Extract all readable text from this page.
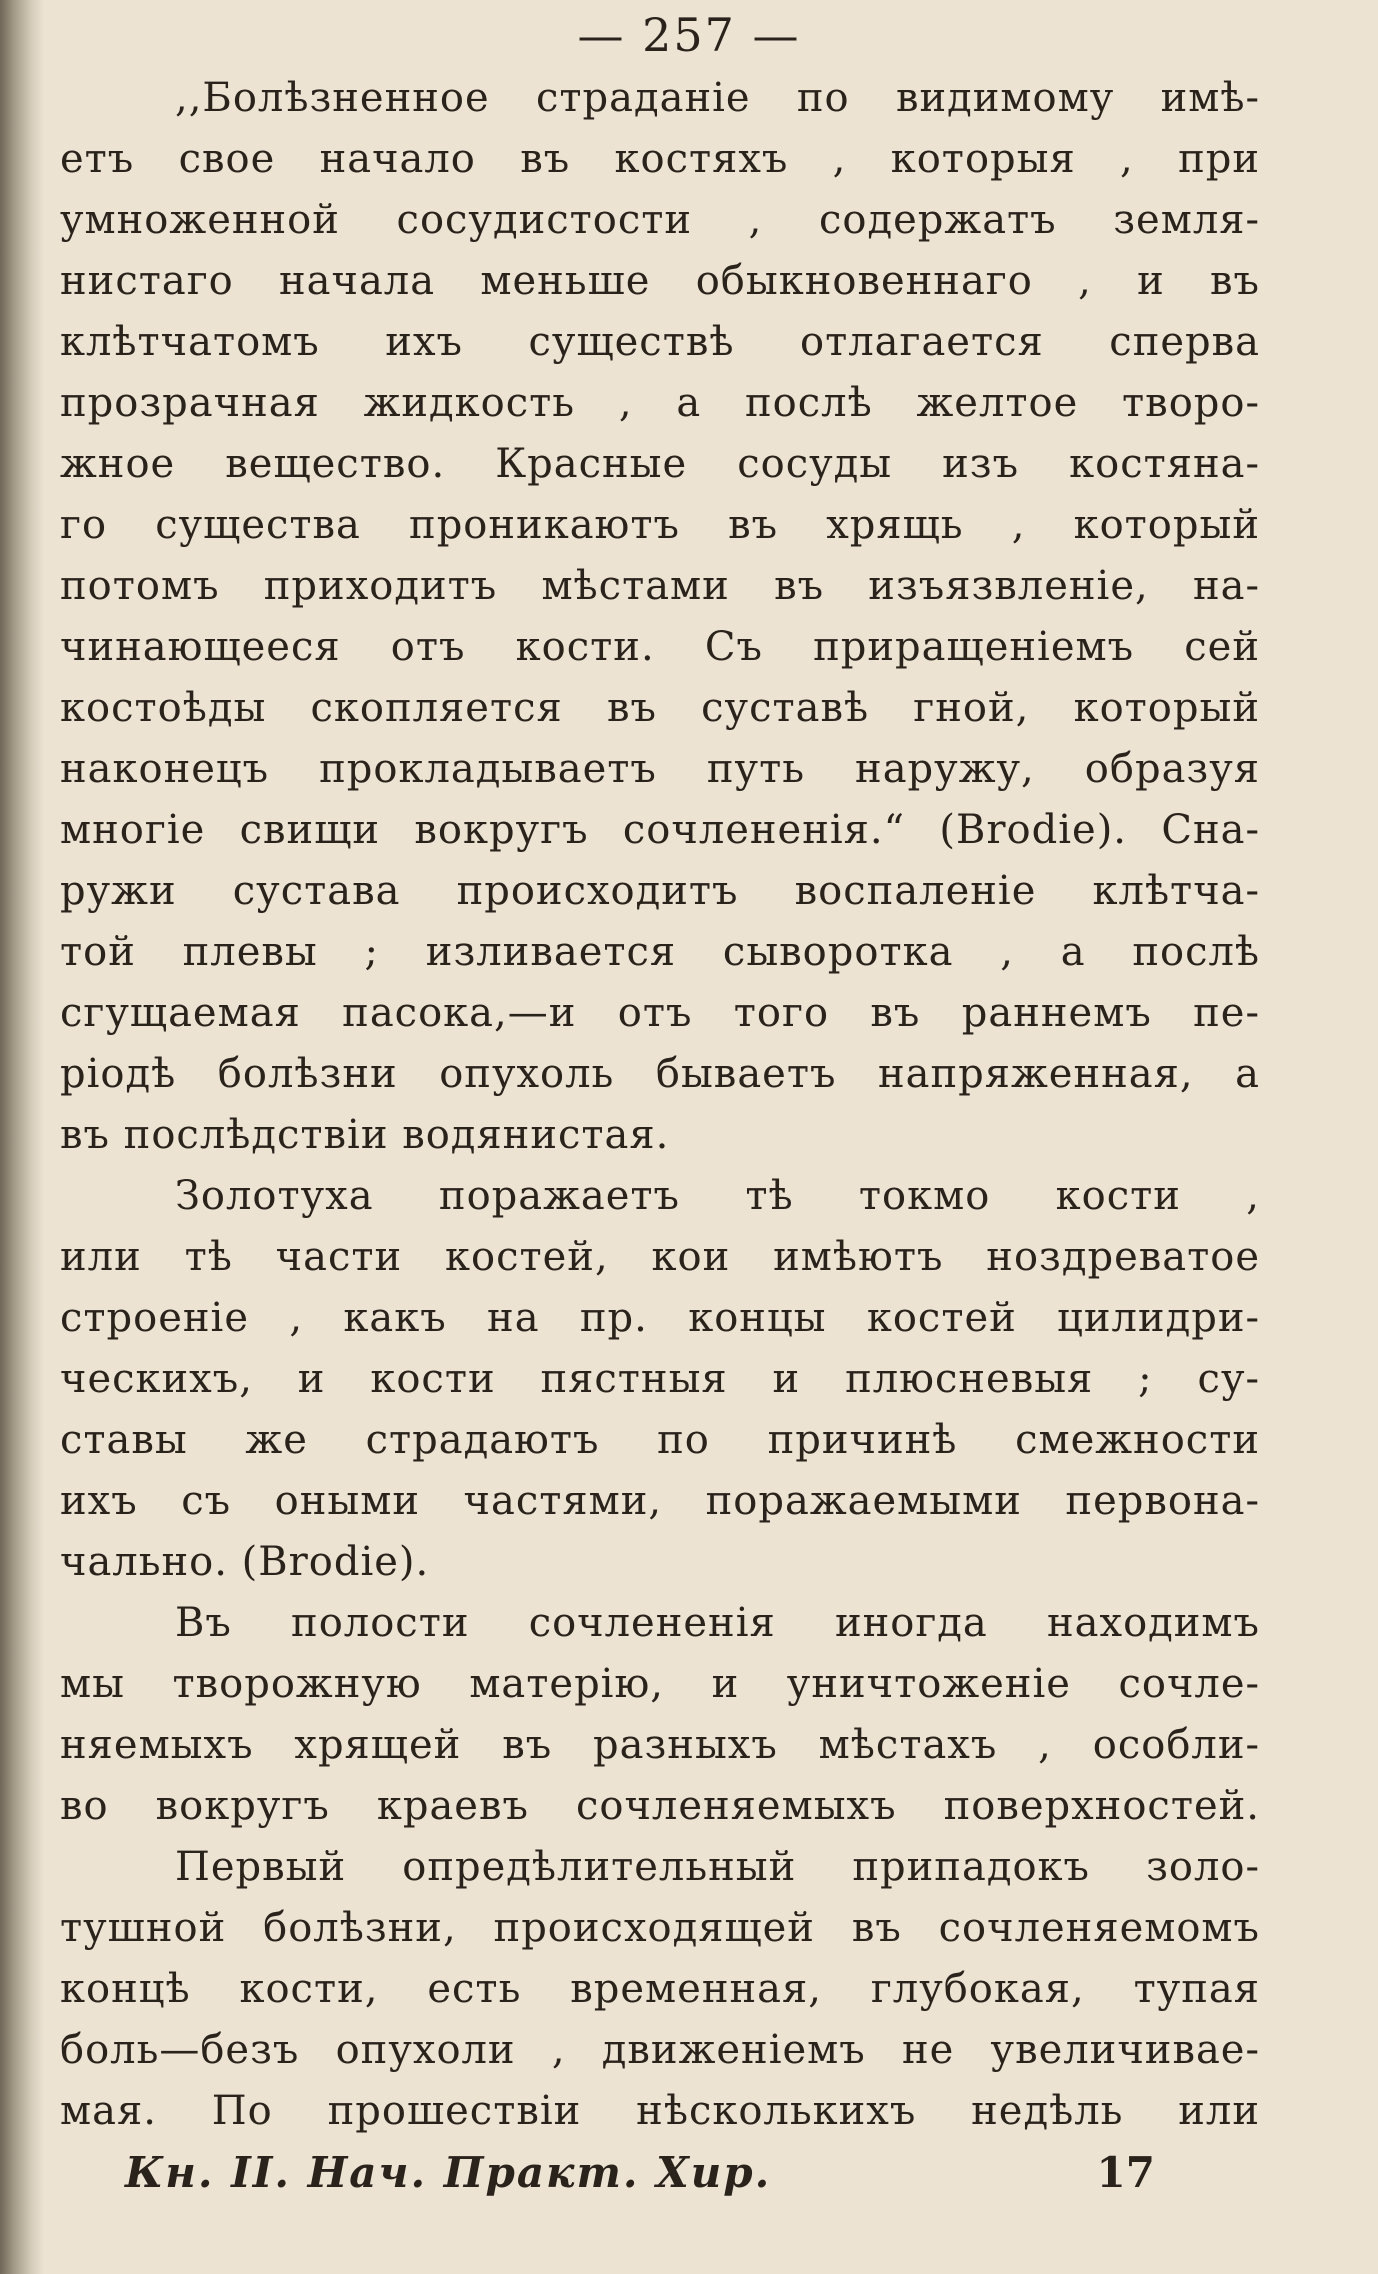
— 257 —
,,Болѣзненное страданіе по видимому имѣ-
етъ свое начало въ костяхъ , которыя , при
умноженной сосудистости , содержатъ земля-
нистаго начала меньше обыкновеннаго , и въ
клѣтчатомъ ихъ существѣ отлагается сперва
прозрачная жидкость , а послѣ желтое творо-
жное вещество. Красные сосуды изъ костяна-
го существа проникаютъ въ хрящь , который
потомъ приходитъ мѣстами въ изъязвленіе, на-
чинающееся отъ кости. Съ приращеніемъ сей
костоѣды скопляется въ суставѣ гной, который
наконецъ прокладываетъ путь наружу, образуя
многіе свищи вокругъ сочлененія.“ (Brodie). Сна-
ружи сустава происходитъ воспаленіе клѣтча-
той плевы ; изливается сыворотка , а послѣ
сгущаемая пасока,—и отъ того въ раннемъ пе-
ріодѣ болѣзни опухоль бываетъ напряженная, а
въ послѣдствіи водянистая.
Золотуха поражаетъ тѣ токмо кости ,
или тѣ части костей, кои имѣютъ ноздреватое
строеніе , какъ на пр. концы костей цилидри-
ческихъ, и кости пястныя и плюсневыя ; су-
ставы же страдаютъ по причинѣ смежности
ихъ съ оными частями, поражаемыми первона-
чально. (Brodie).
Въ полости сочлененія иногда находимъ
мы творожную матерію, и уничтоженіе сочле-
няемыхъ хрящей въ разныхъ мѣстахъ , особли-
во вокругъ краевъ сочленяемыхъ поверхностей.
Первый опредѣлительный припадокъ золо-
тушной болѣзни, происходящей въ сочленяемомъ
концѣ кости, есть временная, глубокая, тупая
боль—безъ опухоли , движеніемъ не увеличивае-
мая. По прошествіи нѣсколькихъ недѣль или
Кн. II. Нач. Практ. Хир.	17
